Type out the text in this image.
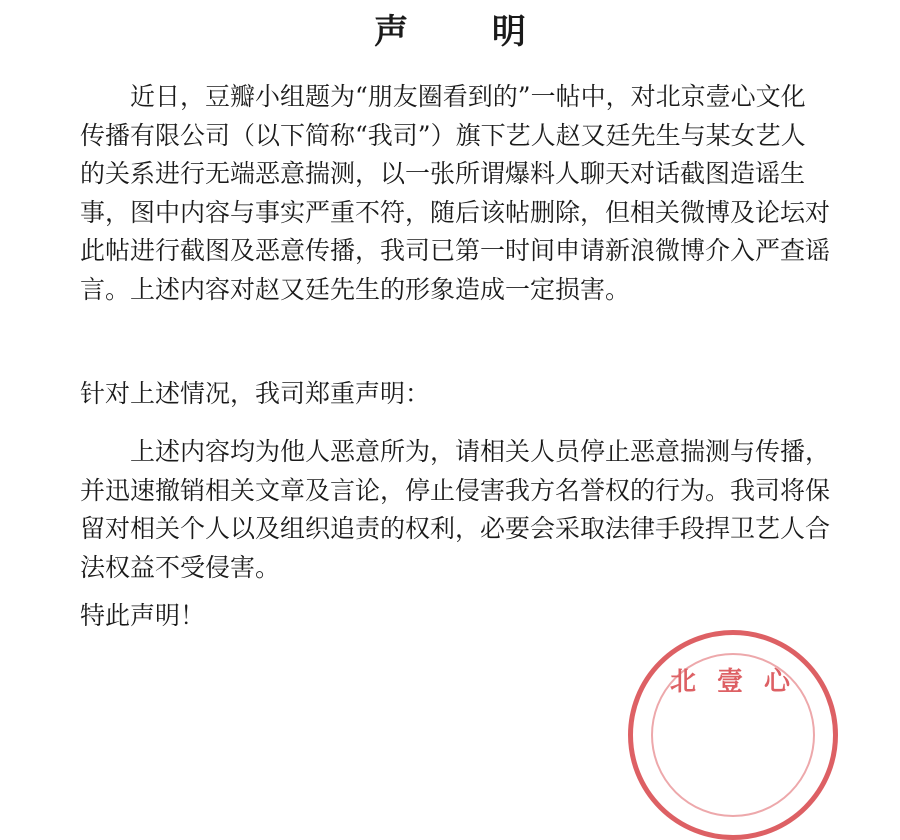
声 明

　　近日，豆瓣小组题为“朋友圈看到的”一帖中，对北京壹心文化传播有限公司（以下简称“我司”）旗下艺人赵又廷先生与某女艺人的关系进行无端恶意揣测，以一张所谓爆料人聊天对话截图造谣生事，图中内容与事实严重不符，随后该帖删除，但相关微博及论坛对此帖进行截图及恶意传播，我司已第一时间申请新浪微博介入严查谣言。上述内容对赵又廷先生的形象造成一定损害。

针对上述情况，我司郑重声明：

　　上述内容均为他人恶意所为，请相关人员停止恶意揣测与传播，并迅速撤销相关文章及言论，停止侵害我方名誉权的行为。我司将保留对相关个人以及组织追责的权利，必要会采取法律手段捍卫艺人合法权益不受侵害。

特此声明！

北 壹 心
